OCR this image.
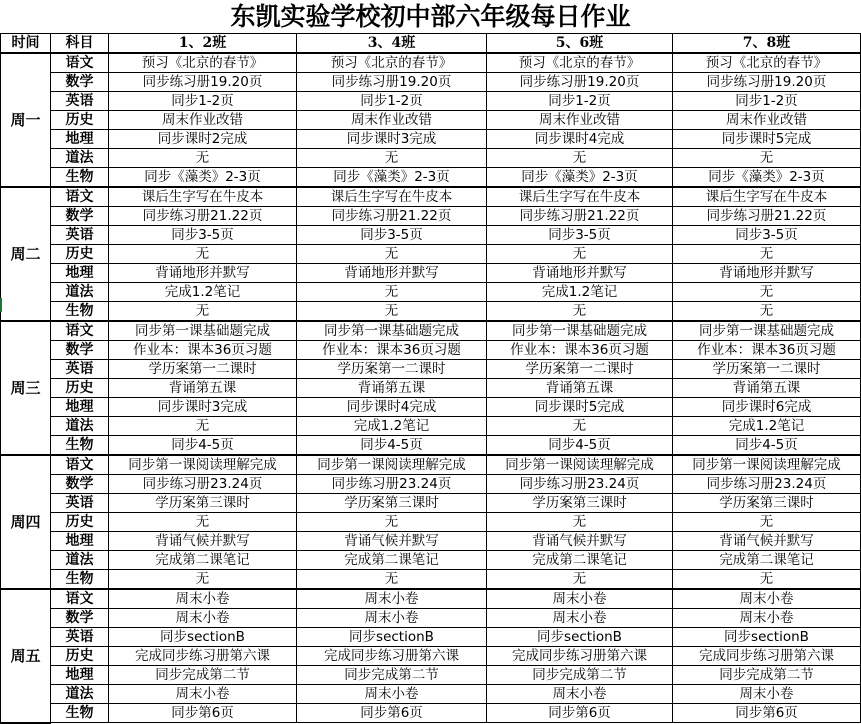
东凯实验学校初中部六年级每日作业
时间	科目	1、2班	3、4班	5、6班	7、8班
周一	语文	预习《北京的春节》	预习《北京的春节》	预习《北京的春节》	预习《北京的春节》
	数学	同步练习册19.20页	同步练习册19.20页	同步练习册19.20页	同步练习册19.20页
	英语	同步1-2页	同步1-2页	同步1-2页	同步1-2页
	历史	周末作业改错	周末作业改错	周末作业改错	周末作业改错
	地理	同步课时2完成	同步课时3完成	同步课时4完成	同步课时5完成
	道法	无	无	无	无
	生物	同步《藻类》2-3页	同步《藻类》2-3页	同步《藻类》2-3页	同步《藻类》2-3页
周二	语文	课后生字写在牛皮本	课后生字写在牛皮本	课后生字写在牛皮本	课后生字写在牛皮本
	数学	同步练习册21.22页	同步练习册21.22页	同步练习册21.22页	同步练习册21.22页
	英语	同步3-5页	同步3-5页	同步3-5页	同步3-5页
	历史	无	无	无	无
	地理	背诵地形并默写	背诵地形并默写	背诵地形并默写	背诵地形并默写
	道法	完成1.2笔记	无	完成1.2笔记	无
	生物	无	无	无	无
周三	语文	同步第一课基础题完成	同步第一课基础题完成	同步第一课基础题完成	同步第一课基础题完成
	数学	作业本：课本36页习题	作业本：课本36页习题	作业本：课本36页习题	作业本：课本36页习题
	英语	学历案第一二课时	学历案第一二课时	学历案第一二课时	学历案第一二课时
	历史	背诵第五课	背诵第五课	背诵第五课	背诵第五课
	地理	同步课时3完成	同步课时4完成	同步课时5完成	同步课时6完成
	道法	无	完成1.2笔记	无	完成1.2笔记
	生物	同步4-5页	同步4-5页	同步4-5页	同步4-5页
周四	语文	同步第一课阅读理解完成	同步第一课阅读理解完成	同步第一课阅读理解完成	同步第一课阅读理解完成
	数学	同步练习册23.24页	同步练习册23.24页	同步练习册23.24页	同步练习册23.24页
	英语	学历案第三课时	学历案第三课时	学历案第三课时	学历案第三课时
	历史	无	无	无	无
	地理	背诵气候并默写	背诵气候并默写	背诵气候并默写	背诵气候并默写
	道法	完成第二课笔记	完成第二课笔记	完成第二课笔记	完成第二课笔记
	生物	无	无	无	无
周五	语文	周末小卷	周末小卷	周末小卷	周末小卷
	数学	周末小卷	周末小卷	周末小卷	周末小卷
	英语	同步sectionB	同步sectionB	同步sectionB	同步sectionB
	历史	完成同步练习册第六课	完成同步练习册第六课	完成同步练习册第六课	完成同步练习册第六课
	地理	同步完成第二节	同步完成第二节	同步完成第二节	同步完成第二节
	道法	周末小卷	周末小卷	周末小卷	周末小卷
	生物	同步第6页	同步第6页	同步第6页	同步第6页
